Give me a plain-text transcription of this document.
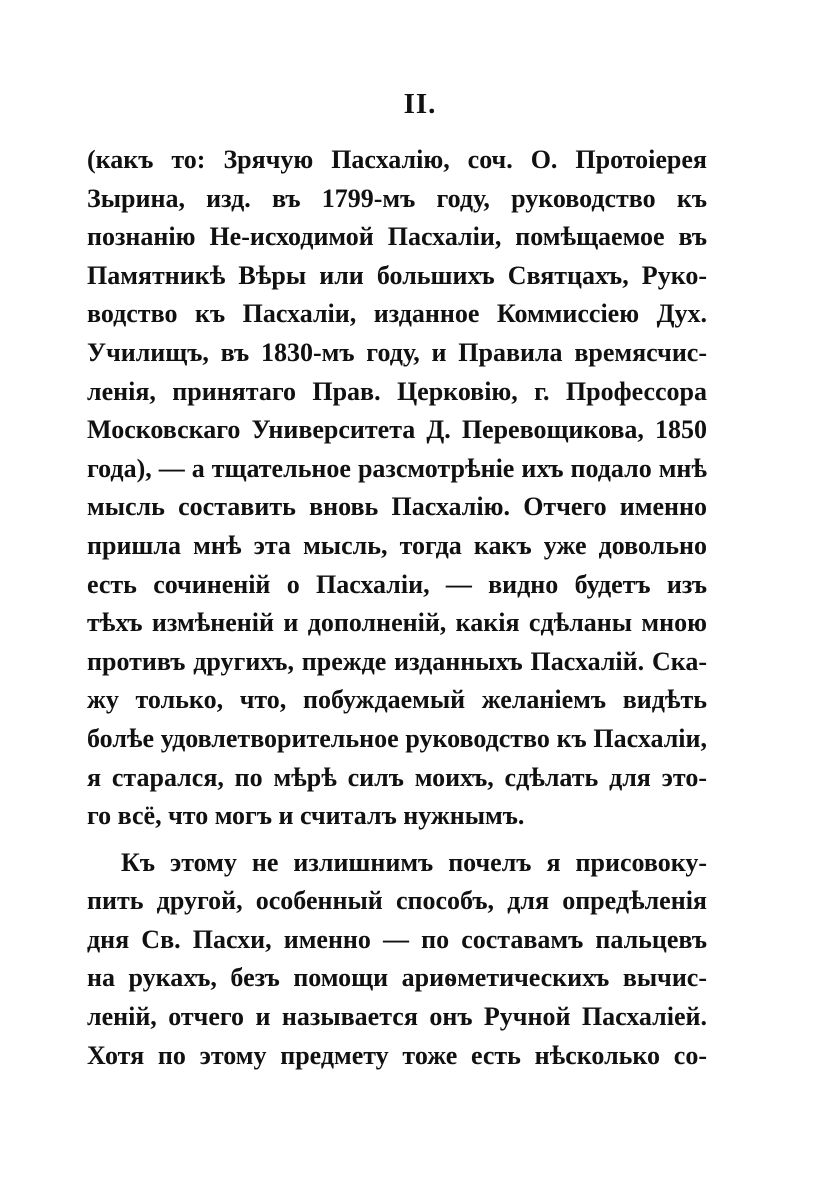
II.
(какъ то: Зрячую Пасхалію, соч. О. Протоіерея
Зырина, изд. въ 1799-мъ году, руководство къ
познанію Не-исходимой Пасхаліи, помѣщаемое въ
Памятникѣ Вѣры или большихъ Святцахъ, Руко-
водство къ Пасхаліи, изданное Коммиссіею Дух.
Училищъ, въ 1830-мъ году, и Правила времясчис-
ленія, принятаго Прав. Церковію, г. Профессора
Московскаго Университета Д. Перевощикова, 1850
года), — а тщательное разсмотрѣніе ихъ подало мнѣ
мысль составить вновь Пасхалію. Отчего именно
пришла мнѣ эта мысль, тогда какъ уже довольно
есть сочиненій о Пасхаліи, — видно будетъ изъ
тѣхъ измѣненій и дополненій, какія сдѣланы мною
противъ другихъ, прежде изданныхъ Пасхалій. Ска-
жу только, что, побуждаемый желаніемъ видѣть
болѣе удовлетворительное руководство къ Пасхаліи,
я старался, по мѣрѣ силъ моихъ, сдѣлать для это-
го всё, что могъ и считалъ нужнымъ.
Къ этому не излишнимъ почелъ я присовоку-
пить другой, особенный способъ, для опредѣленія
дня Св. Пасхи, именно — по составамъ пальцевъ
на рукахъ, безъ помощи ариѳметическихъ вычис-
леній, отчего и называется онъ Ручной Пасхаліей.
Хотя по этому предмету тоже есть нѣсколько со-
